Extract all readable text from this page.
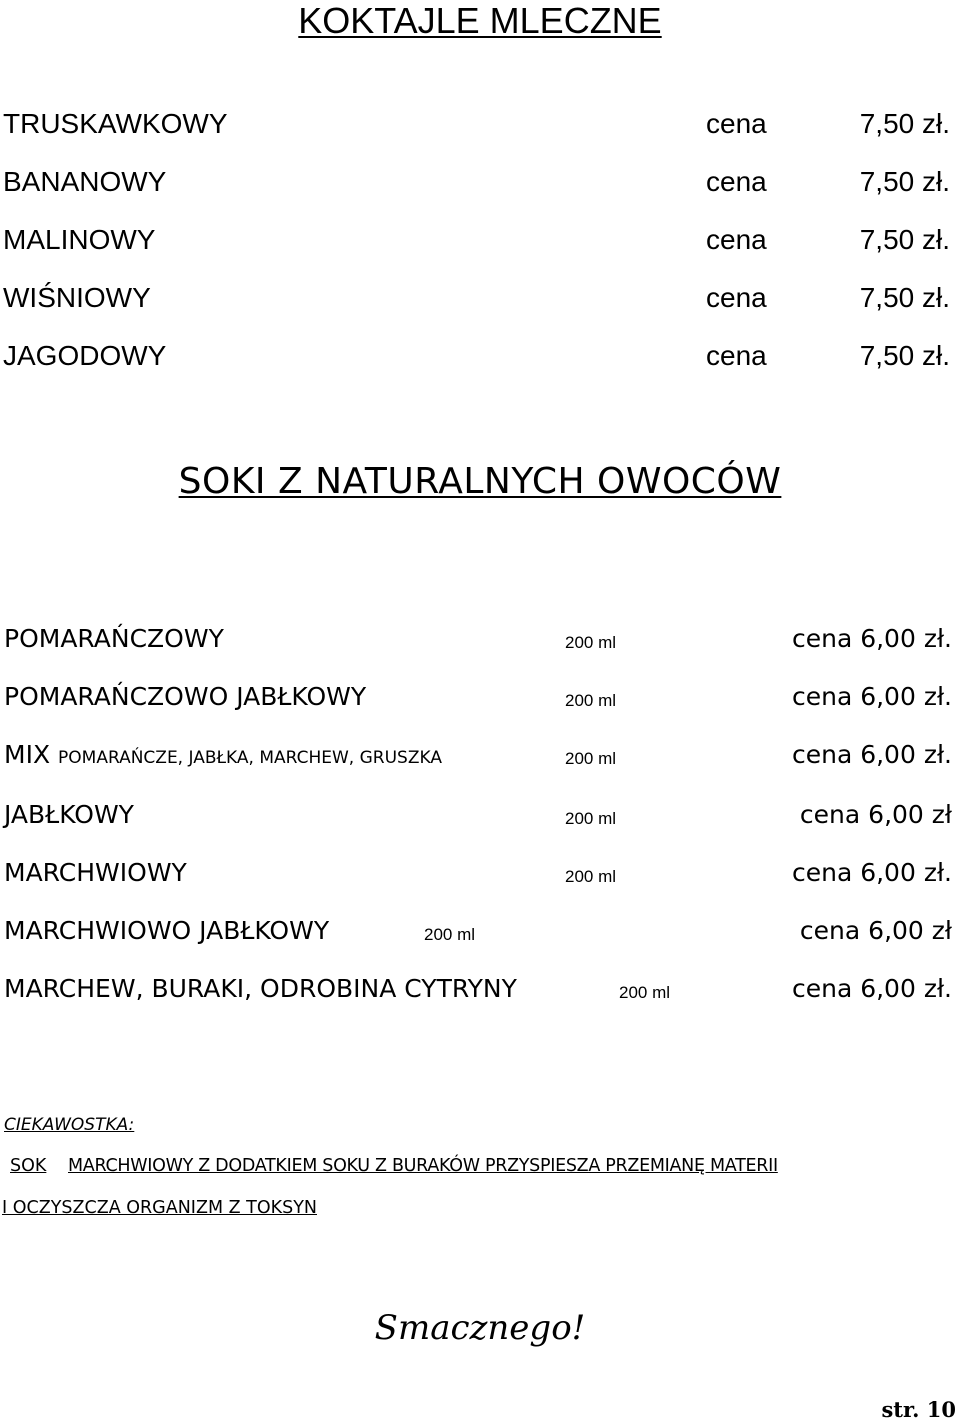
KOKTAJLE MLECZNE
TRUSKAWKOWY	cena	7,50 zł.
BANANOWY	cena	7,50 zł.
MALINOWY	cena	7,50 zł.
WIŚNIOWY	cena	7,50 zł.
JAGODOWY	cena	7,50 zł.
SOKI Z NATURALNYCH OWOCÓW
POMARAŃCZOWY	200 ml	cena 6,00 zł.
POMARAŃCZOWO JABŁKOWY	200 ml	cena 6,00 zł.
MIX POMARAŃCZE, JABŁKA, MARCHEW, GRUSZKA	200 ml	cena 6,00 zł.
JABŁKOWY	200 ml	cena 6,00 zł
MARCHWIOWY	200 ml	cena 6,00 zł.
MARCHWIOWO JABŁKOWY	200 ml	cena 6,00 zł
MARCHEW, BURAKI, ODROBINA CYTRYNY	200 ml	cena 6,00 zł.
CIEKAWOSTKA:
SOK MARCHWIOWY Z DODATKIEM SOKU Z BURAKÓW PRZYSPIESZA PRZEMIANĘ MATERII
I OCZYSZCZA ORGANIZM Z TOKSYN
Smacznego!
str. 10
